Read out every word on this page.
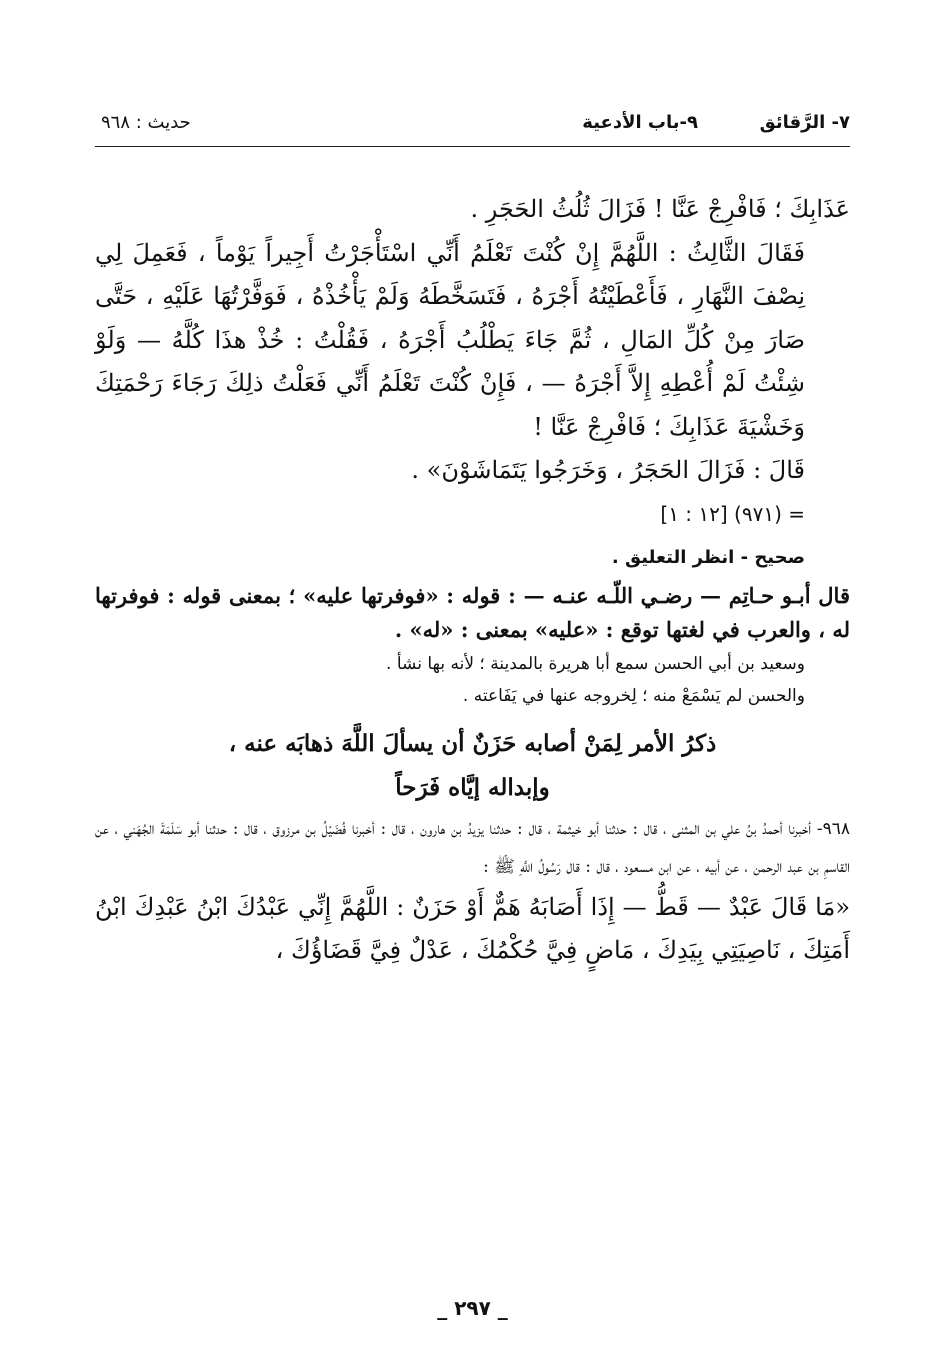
٧- الرَّقائق
٩-باب الأدعية
حديث : ٩٦٨

عَذَابِكَ ؛ فَافْرِجْ عَنَّا ! فَزَالَ ثُلُثُ الحَجَرِ .

فَقَالَ الثَّالِثُ : اللَّهُمَّ إِنْ كُنْتَ تَعْلَمُ أَنِّي اسْتَأْجَرْتُ أَجِيراً يَوْماً ، فَعَمِلَ لِي نِصْفَ النَّهَارِ ، فَأَعْطَيْتُهُ أَجْرَهُ ، فَتَسَخَّطَهُ وَلَمْ يَأْخُذْهُ ، فَوَفَّرْتُهَا عَلَيْهِ ، حَتَّى صَارَ مِنْ كُلِّ المَالِ ، ثُمَّ جَاءَ يَطْلُبُ أَجْرَهُ ، فَقُلْتُ : خُذْ هذَا كُلَّهُ — وَلَوْ شِئْتُ لَمْ أُعْطِهِ إِلاَّ أَجْرَهُ — ، فَإِنْ كُنْتَ تَعْلَمُ أَنِّي فَعَلْتُ ذلِكَ رَجَاءَ رَحْمَتِكَ وَخَشْيَةَ عَذَابِكَ ؛ فَافْرِجْ عَنَّا !

قَالَ : فَزَالَ الحَجَرُ ، وَخَرَجُوا يَتَمَاشَوْنَ» .

= (٩٧١) [١٢ : ١]

صحيح - انظر التعليق .

قال أبـو حـاتِم — رضـي اللّـه عنـه — : قوله : «فوفرتها عليه» ؛ بمعنى قوله : فوفرتها له ، والعرب في لغتها توقع : «عليه» بمعنى : «له» .

وسعيد بن أبي الحسن سمع أبا هريرة بالمدينة ؛ لأنه بها نشأ .

والحسن لم يَسْمَعْ منه ؛ لِخروجه عنها في يَفَاعته .

ذكرُ الأمر لِمَنْ أصابه حَزَنٌ أن يسألَ اللَّهَ ذهابَه عنه ،
وإبداله إيَّاه فَرَحاً

٩٦٨- أخبرنا أحمدُ بنُ علي بن المثنى ، قال : حدثنا أبو خيثمة ، قال : حدثنا يزيدُ بن هارون ، قال : أخبرنا فُضَيْلُ بن مرزوق ، قال : حدثنا أبو سَلَمَةَ الجُهَني ، عن القاسمِ بن عبد الرحمن ، عن أبيه ، عن ابن مسعود ، قال : قال رَسُولُ اللَّهِ ﷺ :

«مَا قَالَ عَبْدٌ — قَطُّ — إِذَا أَصَابَهُ هَمٌّ أَوْ حَزَنٌ : اللَّهُمَّ إِنِّي عَبْدُكَ ابْنُ عَبْدِكَ ابْنُ أَمَتِكَ ، نَاصِيَتِي بِيَدِكَ ، مَاضٍ فِيَّ حُكْمُكَ ، عَدْلٌ فِيَّ قَضَاؤُكَ ،

_ ٢٩٧ _
